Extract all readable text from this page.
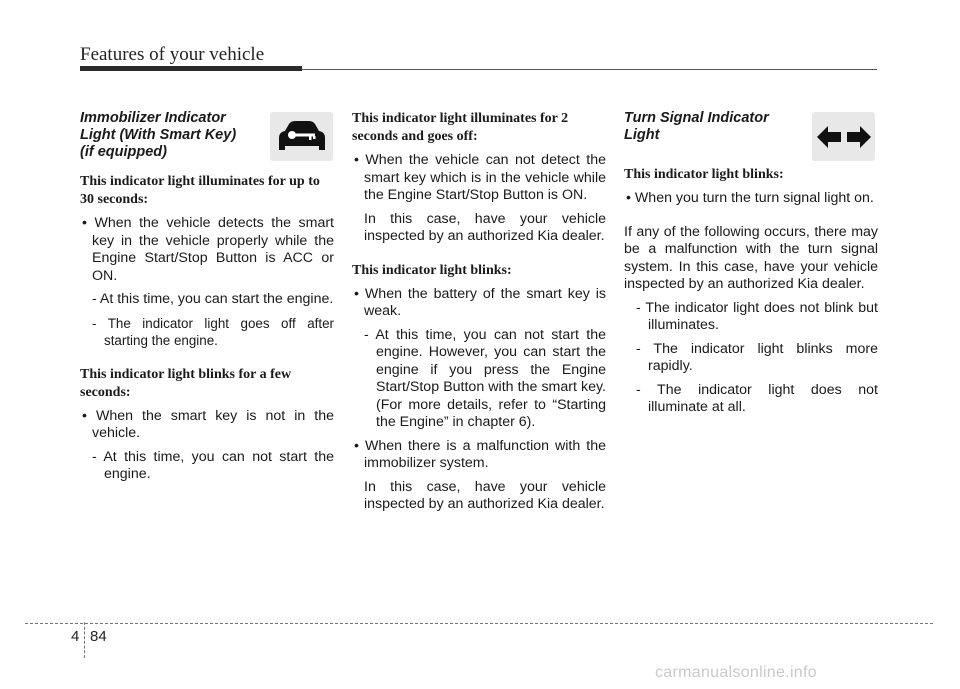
Features of your vehicle
Immobilizer Indicator
Light (With Smart Key)
(if equipped)

This indicator light illuminates for up to 30 seconds:

• When the vehicle detects the smart key in the vehicle properly while the Engine Start/Stop Button is ACC or ON.

- At this time, you can start the engine.

- The indicator light goes off after starting the engine.

This indicator light blinks for a few seconds:

• When the smart key is not in the vehicle.

- At this time, you can not start the engine.

This indicator light illuminates for 2 seconds and goes off:

• When the vehicle can not detect the smart key which is in the vehicle while the Engine Start/Stop Button is ON.

In this case, have your vehicle inspected by an authorized Kia dealer.

This indicator light blinks:

• When the battery of the smart key is weak.

- At this time, you can not start the engine. However, you can start the engine if you press the Engine Start/Stop Button with the smart key. (For more details, refer to “Starting the Engine” in chapter 6).

• When there is a malfunction with the immobilizer system.

In this case, have your vehicle inspected by an authorized Kia dealer.

Turn Signal Indicator
Light

This indicator light blinks:

• When you turn the turn signal light on.

If any of the following occurs, there may be a malfunction with the turn signal system. In this case, have your vehicle inspected by an authorized Kia dealer.

- The indicator light does not blink but illuminates.

- The indicator light blinks more rapidly.

- The indicator light does not illuminate at all.

4 84
carmanualsonline.info
